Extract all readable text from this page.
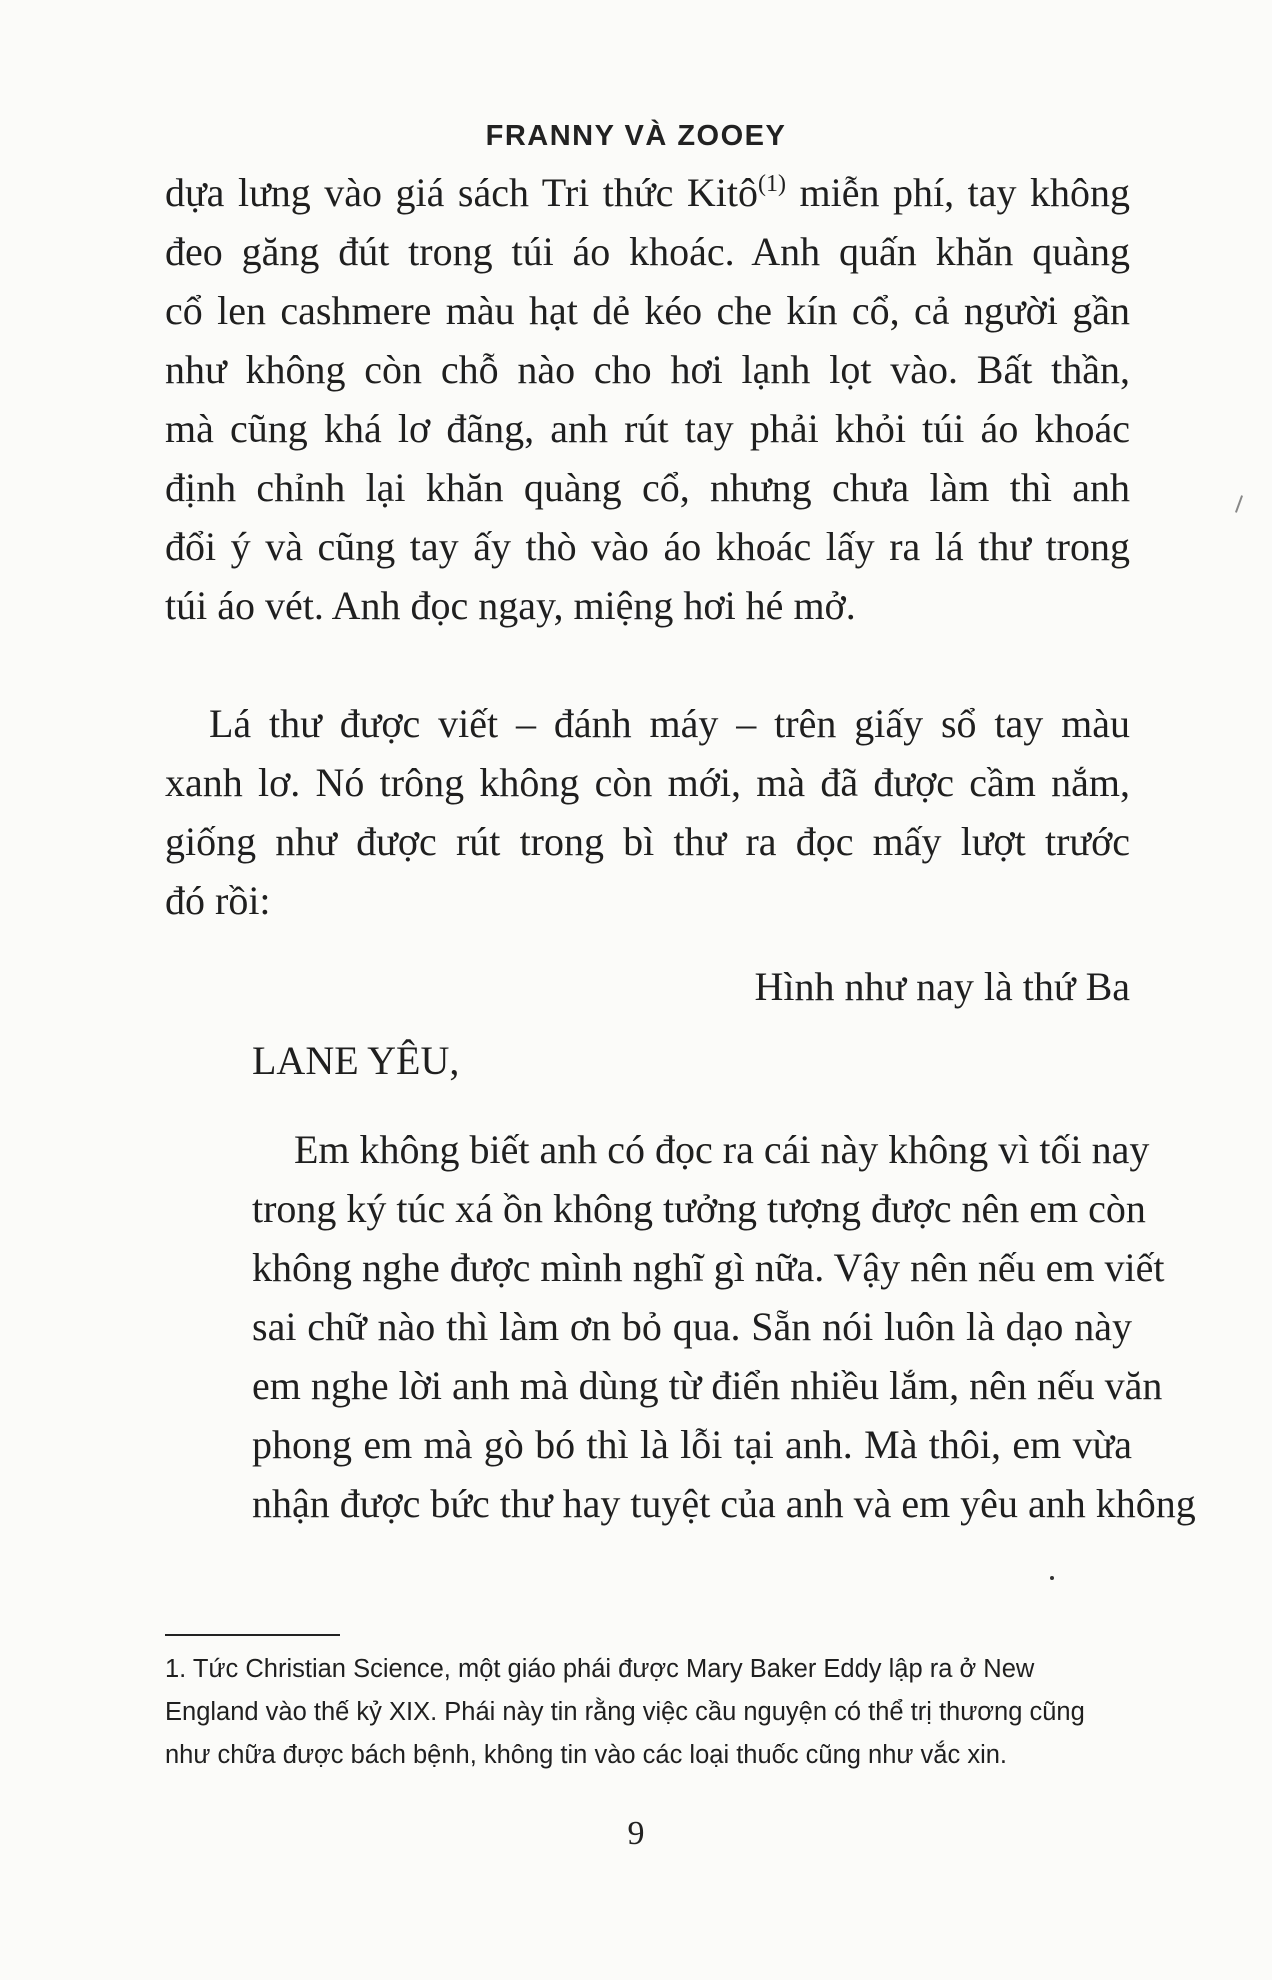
FRANNY VÀ ZOOEY
dựa lưng vào giá sách Tri thức Kitô$^{(1)}$ miễn phí, tay không
đeo găng đút trong túi áo khoác. Anh quấn khăn quàng
cổ len cashmere màu hạt dẻ kéo che kín cổ, cả người gần
như không còn chỗ nào cho hơi lạnh lọt vào. Bất thần,
mà cũng khá lơ đãng, anh rút tay phải khỏi túi áo khoác
định chỉnh lại khăn quàng cổ, nhưng chưa làm thì anh
đổi ý và cũng tay ấy thò vào áo khoác lấy ra lá thư trong
túi áo vét. Anh đọc ngay, miệng hơi hé mở.
Lá thư được viết – đánh máy – trên giấy sổ tay màu
xanh lơ. Nó trông không còn mới, mà đã được cầm nắm,
giống như được rút trong bì thư ra đọc mấy lượt trước
đó rồi:
Hình như nay là thứ Ba
LANE YÊU,
Em không biết anh có đọc ra cái này không vì tối nay
trong ký túc xá ồn không tưởng tượng được nên em còn
không nghe được mình nghĩ gì nữa. Vậy nên nếu em viết
sai chữ nào thì làm ơn bỏ qua. Sẵn nói luôn là dạo này
em nghe lời anh mà dùng từ điển nhiều lắm, nên nếu văn
phong em mà gò bó thì là lỗi tại anh. Mà thôi, em vừa
nhận được bức thư hay tuyệt của anh và em yêu anh không
1. Tức Christian Science, một giáo phái được Mary Baker Eddy lập ra ở New
England vào thế kỷ XIX. Phái này tin rằng việc cầu nguyện có thể trị thương cũng
như chữa được bách bệnh, không tin vào các loại thuốc cũng như vắc xin.
9
